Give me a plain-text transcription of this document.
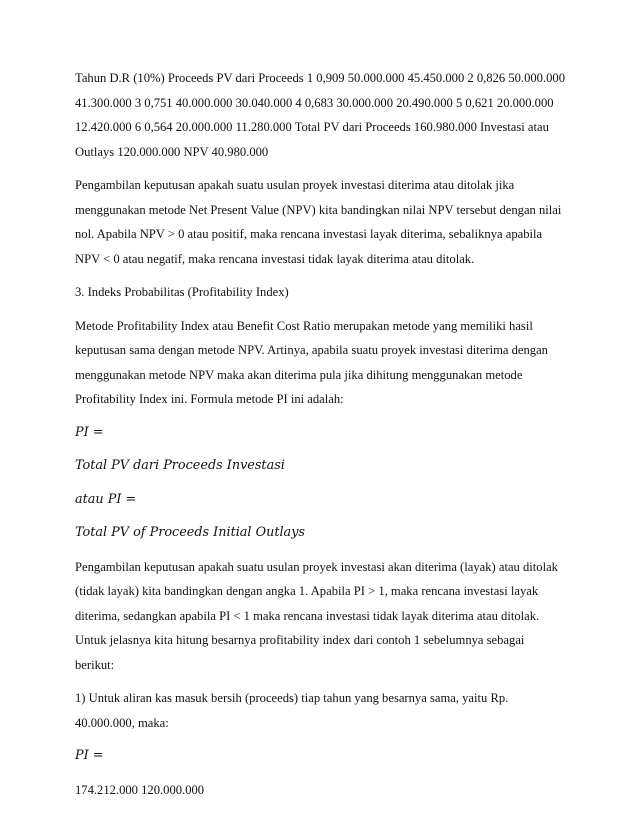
Tahun D.R (10%) Proceeds PV dari Proceeds 1 0,909 50.000.000 45.450.000 2 0,826 50.000.000
41.300.000 3 0,751 40.000.000 30.040.000 4 0,683 30.000.000 20.490.000 5 0,621 20.000.000
12.420.000 6 0,564 20.000.000 11.280.000 Total PV dari Proceeds 160.980.000 Investasi atau
Outlays 120.000.000 NPV 40.980.000

Pengambilan keputusan apakah suatu usulan proyek investasi diterima atau ditolak jika
menggunakan metode Net Present Value (NPV) kita bandingkan nilai NPV tersebut dengan nilai
nol. Apabila NPV > 0 atau positif, maka rencana investasi layak diterima, sebaliknya apabila
NPV < 0 atau negatif, maka rencana investasi tidak layak diterima atau ditolak.

3. Indeks Probabilitas (Profitability Index)

Metode Profitability Index atau Benefit Cost Ratio merupakan metode yang memiliki hasil
keputusan sama dengan metode NPV. Artinya, apabila suatu proyek investasi diterima dengan
menggunakan metode NPV maka akan diterima pula jika dihitung menggunakan metode
Profitability Index ini. Formula metode PI ini adalah:

PI =

Total PV dari Proceeds Investasi

atau PI =

Total PV of Proceeds Initial Outlays

Pengambilan keputusan apakah suatu usulan proyek investasi akan diterima (layak) atau ditolak
(tidak layak) kita bandingkan dengan angka 1. Apabila PI > 1, maka rencana investasi layak
diterima, sedangkan apabila PI < 1 maka rencana investasi tidak layak diterima atau ditolak.
Untuk jelasnya kita hitung besarnya profitability index dari contoh 1 sebelumnya sebagai
berikut:

1) Untuk aliran kas masuk bersih (proceeds) tiap tahun yang besarnya sama, yaitu Rp.
40.000.000, maka:

PI =

174.212.000 120.000.000
